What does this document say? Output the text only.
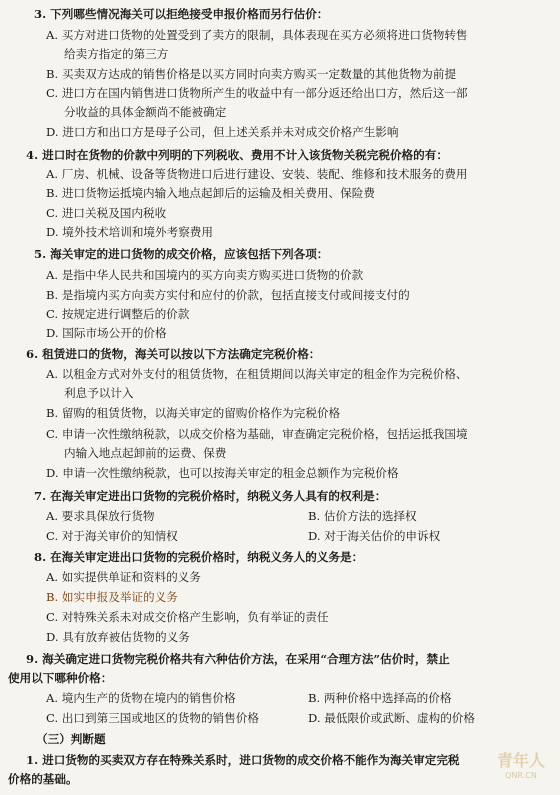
3. 下列哪些情况海关可以拒绝接受申报价格而另行估价：
A. 买方对进口货物的处置受到了卖方的限制，具体表现在买方必须将进口货物转售
给卖方指定的第三方
B. 买卖双方达成的销售价格是以买方同时向卖方购买一定数量的其他货物为前提
C. 进口方在国内销售进口货物所产生的收益中有一部分返还给出口方，然后这一部
分收益的具体金额尚不能被确定
D. 进口方和出口方是母子公司，但上述关系并未对成交价格产生影响
4. 进口时在货物的价款中列明的下列税收、费用不计入该货物关税完税价格的有：
A. 厂房、机械、设备等货物进口后进行建设、安装、装配、维修和技术服务的费用
B. 进口货物运抵境内输入地点起卸后的运输及相关费用、保险费
C. 进口关税及国内税收
D. 境外技术培训和境外考察费用
5. 海关审定的进口货物的成交价格，应该包括下列各项：
A. 是指中华人民共和国境内的买方向卖方购买进口货物的价款
B. 是指境内买方向卖方实付和应付的价款，包括直接支付或间接支付的
C. 按规定进行调整后的价款
D. 国际市场公开的价格
6. 租赁进口的货物，海关可以按以下方法确定完税价格：
A. 以租金方式对外支付的租赁货物，在租赁期间以海关审定的租金作为完税价格、
利息予以计入
B. 留购的租赁货物，以海关审定的留购价格作为完税价格
C. 申请一次性缴纳税款，以成交价格为基础，审查确定完税价格，包括运抵我国境
内输入地点起卸前的运费、保费
D. 申请一次性缴纳税款，也可以按海关审定的租金总额作为完税价格
7. 在海关审定进出口货物的完税价格时，纳税义务人具有的权利是：
A. 要求具保放行货物	B. 估价方法的选择权
C. 对于海关审价的知情权	D. 对于海关估价的申诉权
8. 在海关审定进出口货物的完税价格时，纳税义务人的义务是：
A. 如实提供单证和资料的义务
B. 如实申报及举证的义务
C. 对特殊关系未对成交价格产生影响，负有举证的责任
D. 具有放弃被估货物的义务
9. 海关确定进口货物完税价格共有六种估价方法，在采用“合理方法”估价时，禁止
使用以下哪种价格：
A. 境内生产的货物在境内的销售价格	B. 两种价格中选择高的价格
C. 出口到第三国或地区的货物的销售价格	D. 最低限价或武断、虚构的价格
（三）判断题
1. 进口货物的买卖双方存在特殊关系时，进口货物的成交价格不能作为海关审定完税
价格的基础。
青年人
QNR.CN
